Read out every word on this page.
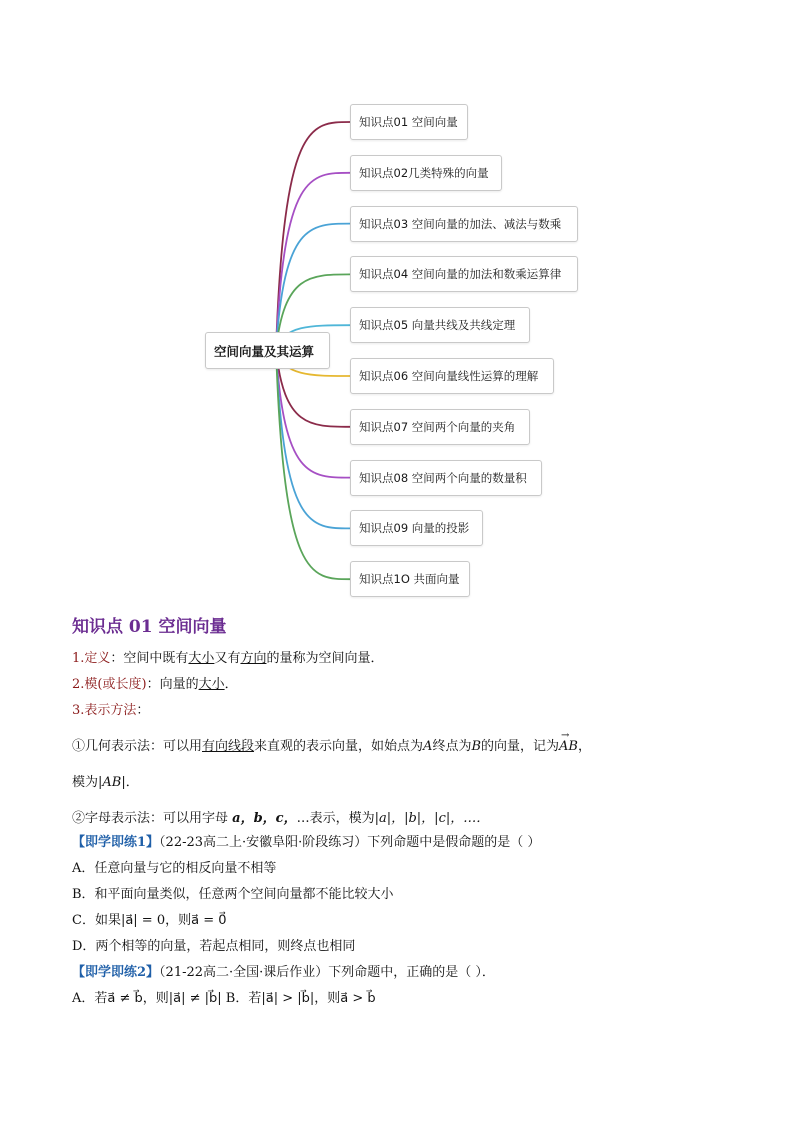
空间向量及其运算
知识点01 空间向量
知识点02几类特殊的向量
知识点03 空间向量的加法、减法与数乘
知识点04 空间向量的加法和数乘运算律
知识点05 向量共线及共线定理
知识点06 空间向量线性运算的理解
知识点07 空间两个向量的夹角
知识点08 空间两个向量的数量积
知识点09 向量的投影
知识点1O 共面向量
知识点 01 空间向量
1.定义：空间中既有大小又有方向的量称为空间向量．
2.模(或长度)：向量的大小．
3.表示方法：
①几何表示法：可以用有向线段来直观的表示向量，如始点为A终点为B的向量，记为→ AB，
模为|AB|．
②字母表示法：可以用字母 a，b，c，…表示，模为|a|，|b|，|c|，…．
【即学即练1】（22-23高二上·安徽阜阳·阶段练习）下列命题中是假命题的是（ ）
A．任意向量与它的相反向量不相等
B．和平面向量类似，任意两个空间向量都不能比较大小
C．如果|a⃗| = 0，则a⃗ = 0⃗
D．两个相等的向量，若起点相同，则终点也相同
【即学即练2】（21-22高二·全国·课后作业）下列命题中，正确的是（ ）．
A．若a⃗ ≠ b⃗，则|a⃗| ≠ |b⃗| B．若|a⃗| > |b⃗|，则a⃗ > b⃗
